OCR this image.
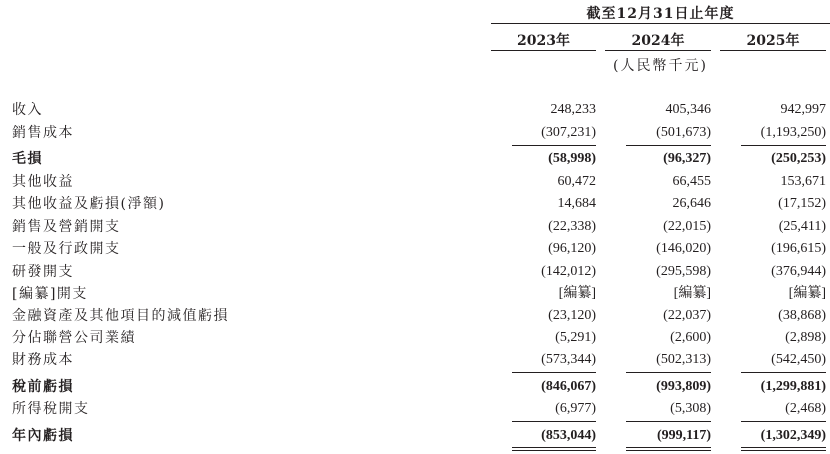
截至12月31日止年度
2023年	2024年	2025年
(人民幣千元)
收入	248,233	405,346	942,997
銷售成本	(307,231)	(501,673)	(1,193,250)
毛損	(58,998)	(96,327)	(250,253)
其他收益	60,472	66,455	153,671
其他收益及虧損(淨額)	14,684	26,646	(17,152)
銷售及營銷開支	(22,338)	(22,015)	(25,411)
一般及行政開支	(96,120)	(146,020)	(196,615)
研發開支	(142,012)	(295,598)	(376,944)
[編纂]開支	[編纂]	[編纂]	[編纂]
金融資產及其他項目的減值虧損	(23,120)	(22,037)	(38,868)
分佔聯營公司業績	(5,291)	(2,600)	(2,898)
財務成本	(573,344)	(502,313)	(542,450)
稅前虧損	(846,067)	(993,809)	(1,299,881)
所得稅開支	(6,977)	(5,308)	(2,468)
年內虧損	(853,044)	(999,117)	(1,302,349)
